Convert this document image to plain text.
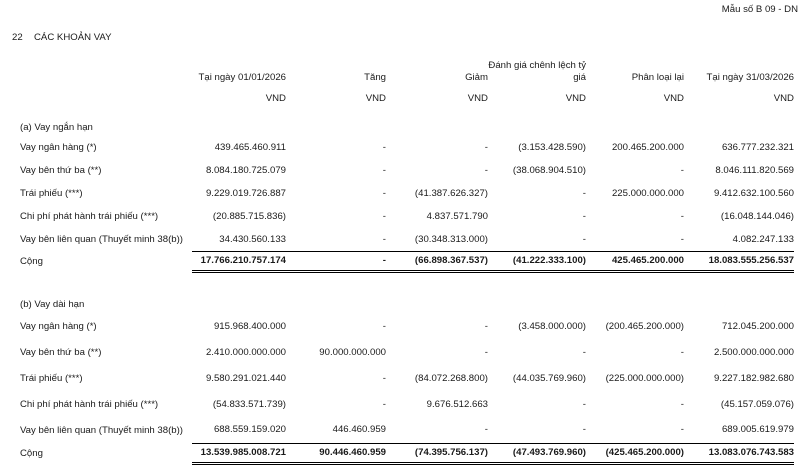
Mẫu số B 09 - DN
22 CÁC KHOẢN VAY
	Tại ngày 01/01/2026	Tăng	Giảm	Đánh giá chênh lệch tỷ giá	Phân loại lại	Tại ngày 31/03/2026
	VND	VND	VND	VND	VND	VND
(a) Vay ngắn hạn						
Vay ngân hàng (*)	439.465.460.911	-	-	(3.153.428.590)	200.465.200.000	636.777.232.321
Vay bên thứ ba (**)	8.084.180.725.079	-	-	(38.068.904.510)	-	8.046.111.820.569
Trái phiếu (***)	9.229.019.726.887	-	(41.387.626.327)	-	225.000.000.000	9.412.632.100.560
Chi phí phát hành trái phiếu (***)	(20.885.715.836)	-	4.837.571.790	-	-	(16.048.144.046)
Vay bên liên quan (Thuyết minh 38(b))	34.430.560.133	-	(30.348.313.000)	-	-	4.082.247.133
Cộng	17.766.210.757.174	-	(66.898.367.537)	(41.222.333.100)	425.465.200.000	18.083.555.256.537
(b) Vay dài hạn						
Vay ngân hàng (*)	915.968.400.000	-	-	(3.458.000.000)	(200.465.200.000)	712.045.200.000
Vay bên thứ ba (**)	2.410.000.000.000	90.000.000.000	-	-	-	2.500.000.000.000
Trái phiếu (***)	9.580.291.021.440	-	(84.072.268.800)	(44.035.769.960)	(225.000.000.000)	9.227.182.982.680
Chi phí phát hành trái phiếu (***)	(54.833.571.739)	-	9.676.512.663	-	-	(45.157.059.076)
Vay bên liên quan (Thuyết minh 38(b))	688.559.159.020	446.460.959	-	-	-	689.005.619.979
Cộng	13.539.985.008.721	90.446.460.959	(74.395.756.137)	(47.493.769.960)	(425.465.200.000)	13.083.076.743.583
